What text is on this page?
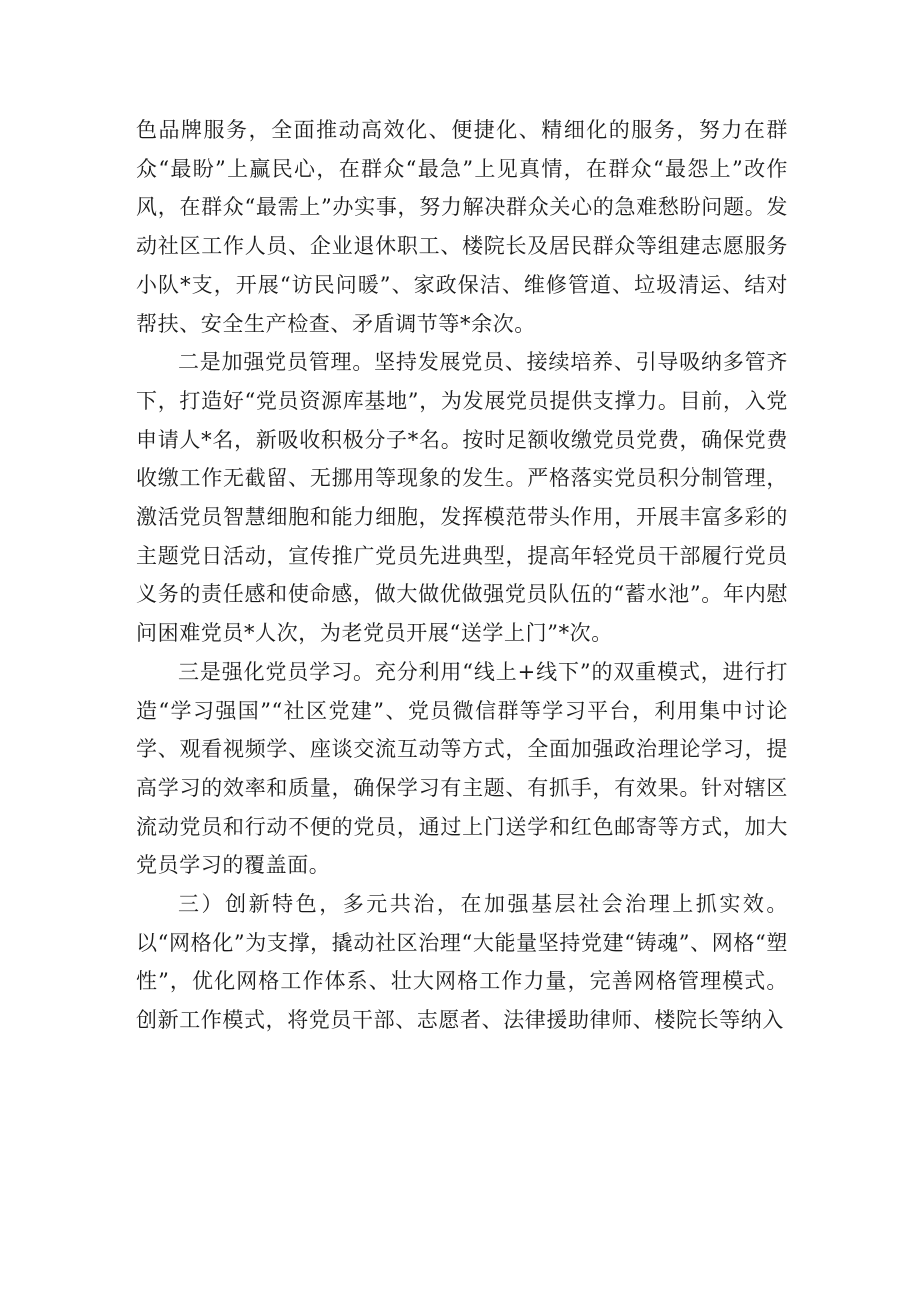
色品牌服务，全面推动高效化、便捷化、精细化的服务，努力在群众“最盼”上赢民心，在群众“最急”上见真情，在群众“最怨上”改作风，在群众“最需上”办实事，努力解决群众关心的急难愁盼问题。发动社区工作人员、企业退休职工、楼院长及居民群众等组建志愿服务小队*支，开展“访民问暖”、家政保洁、维修管道、垃圾清运、结对帮扶、安全生产检查、矛盾调节等*余次。

二是加强党员管理。坚持发展党员、接续培养、引导吸纳多管齐下，打造好“党员资源库基地”，为发展党员提供支撑力。目前，入党申请人*名，新吸收积极分子*名。按时足额收缴党员党费，确保党费收缴工作无截留、无挪用等现象的发生。严格落实党员积分制管理，激活党员智慧细胞和能力细胞，发挥模范带头作用，开展丰富多彩的主题党日活动，宣传推广党员先进典型，提高年轻党员干部履行党员义务的责任感和使命感，做大做优做强党员队伍的“蓄水池”。年内慰问困难党员*人次，为老党员开展“送学上门”*次。

三是强化党员学习。充分利用“线上+线下”的双重模式，进行打造“学习强国”“社区党建”、党员微信群等学习平台，利用集中讨论学、观看视频学、座谈交流互动等方式，全面加强政治理论学习，提高学习的效率和质量，确保学习有主题、有抓手，有效果。针对辖区流动党员和行动不便的党员，通过上门送学和红色邮寄等方式，加大党员学习的覆盖面。

三）创新特色，多元共治，在加强基层社会治理上抓实效。以“网格化”为支撑，撬动社区治理“大能量坚持党建“铸魂”、网格“塑性”，优化网格工作体系、壮大网格工作力量，完善网格管理模式。创新工作模式，将党员干部、志愿者、法律援助律师、楼院长等纳入
